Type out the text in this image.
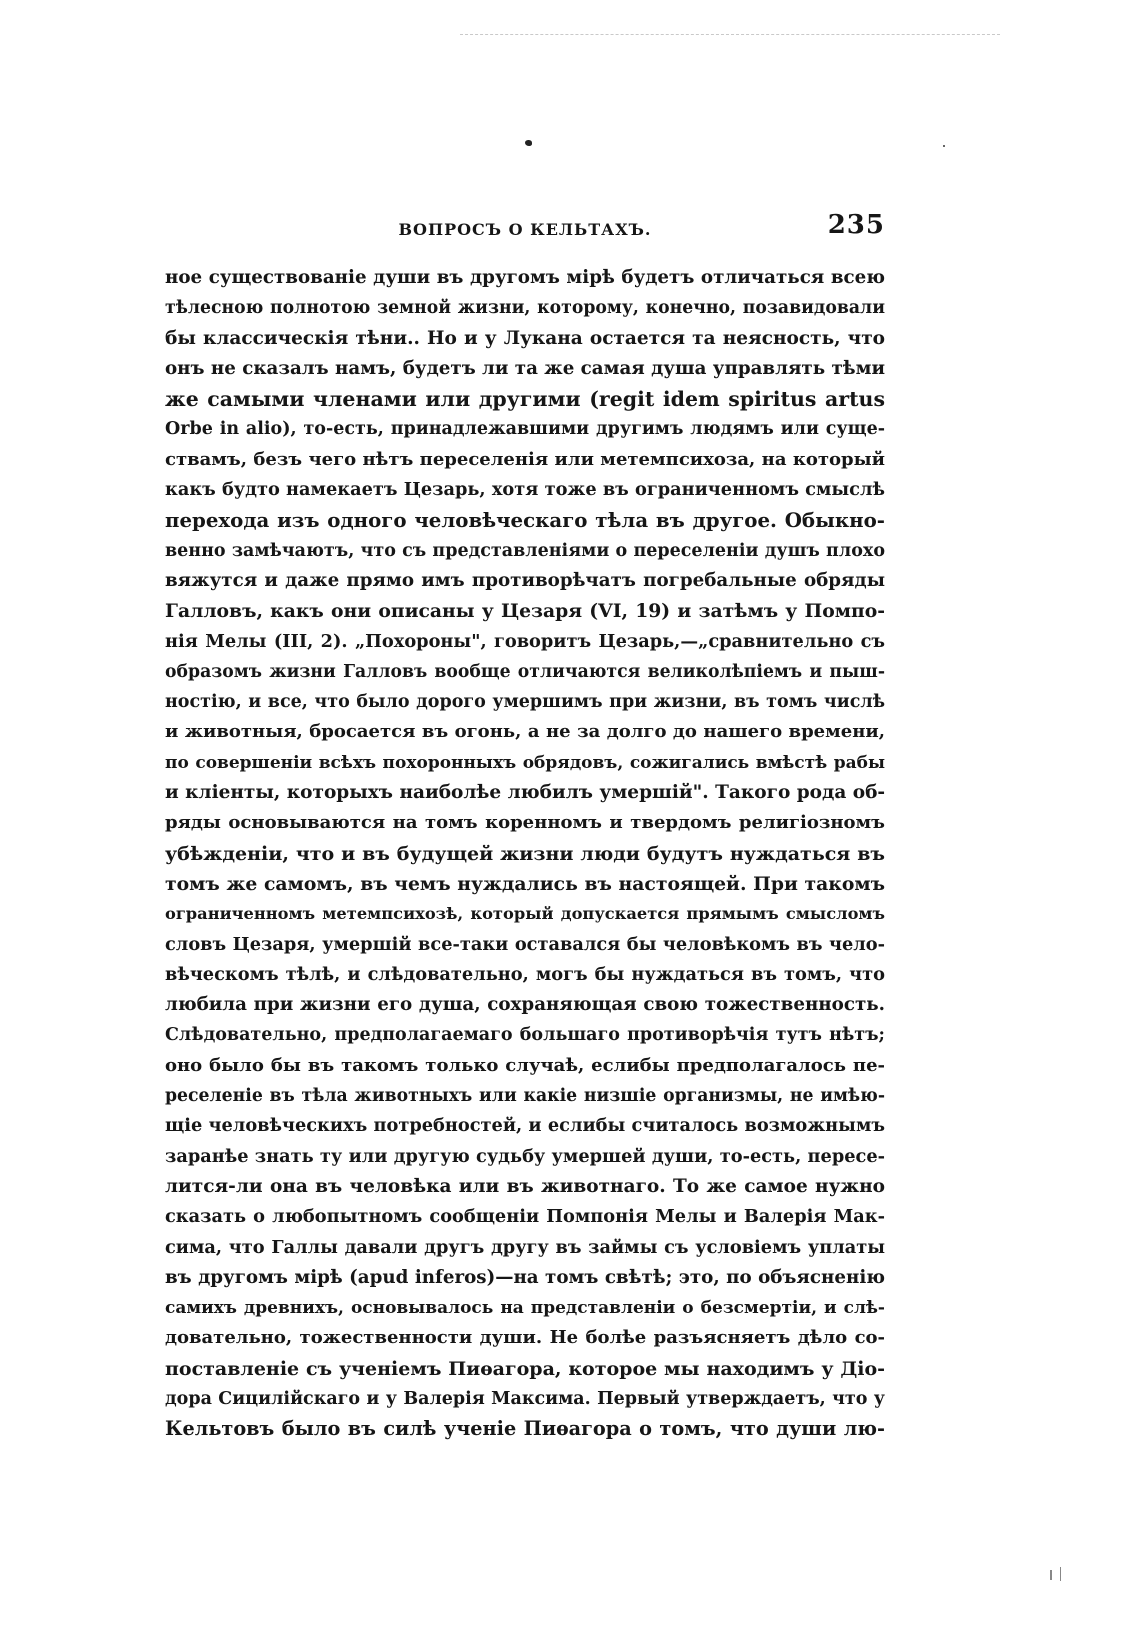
ВОПРОСЪ О КЕЛЬТАХЪ.	235
ное существованіе души въ другомъ мірѣ будетъ отличаться всею
тѣлесною полнотою земной жизни, которому, конечно, позавидовали
бы классическія тѣни.. Но и у Лукана остается та неясность, что
онъ не сказалъ намъ, будетъ ли та же самая душа управлять тѣми
же самыми членами или другими (regit idem spiritus artus
Orbe in alio), то-есть, принадлежавшими другимъ людямъ или суще-
ствамъ, безъ чего нѣтъ переселенія или метемпсихоза, на который
какъ будто намекаетъ Цезарь, хотя тоже въ ограниченномъ смыслѣ
перехода изъ одного человѣческаго тѣла въ другое. Обыкно-
венно замѣчаютъ, что съ представленіями о переселеніи душъ плохо
вяжутся и даже прямо имъ противорѣчатъ погребальные обряды
Галловъ, какъ они описаны у Цезаря (VI, 19) и затѣмъ у Помпо-
нія Мелы (III, 2). „Похороны", говоритъ Цезарь,—„сравнительно съ
образомъ жизни Галловъ вообще отличаются великолѣпіемъ и пыш-
ностію, и все, что было дорого умершимъ при жизни, въ томъ числѣ
и животныя, бросается въ огонь, а не за долго до нашего времени,
по совершеніи всѣхъ похоронныхъ обрядовъ, сожигались вмѣстѣ рабы
и кліенты, которыхъ наиболѣе любилъ умершій". Такого рода об-
ряды основываются на томъ коренномъ и твердомъ религіозномъ
убѣжденіи, что и въ будущей жизни люди будутъ нуждаться въ
томъ же самомъ, въ чемъ нуждались въ настоящей. При такомъ
ограниченномъ метемпсихозѣ, который допускается прямымъ смысломъ
словъ Цезаря, умершій все-таки оставался бы человѣкомъ въ чело-
вѣческомъ тѣлѣ, и слѣдовательно, могъ бы нуждаться въ томъ, что
любила при жизни его душа, сохраняющая свою тожественность.
Слѣдовательно, предполагаемаго большаго противорѣчія тутъ нѣтъ;
оно было бы въ такомъ только случаѣ, еслибы предполагалось пе-
реселеніе въ тѣла животныхъ или какіе низшіе организмы, не имѣю-
щіе человѣческихъ потребностей, и еслибы считалось возможнымъ
заранѣе знать ту или другую судьбу умершей души, то-есть, пересе-
лится-ли она въ человѣка или въ животнаго. То же самое нужно
сказать о любопытномъ сообщеніи Помпонія Мелы и Валерія Мак-
сима, что Галлы давали другъ другу въ займы съ условіемъ уплаты
въ другомъ мірѣ (apud inferos)—на томъ свѣтѣ; это, по объясненію
самихъ древнихъ, основывалось на представленіи о безсмертіи, и слѣ-
довательно, тожественности души. Не болѣе разъясняетъ дѣло со-
поставленіе съ ученіемъ Пиѳагора, которое мы находимъ у Діо-
дора Сицилійскаго и у Валерія Максима. Первый утверждаетъ, что у
Кельтовъ было въ силѣ ученіе Пиѳагора о томъ, что души лю-
